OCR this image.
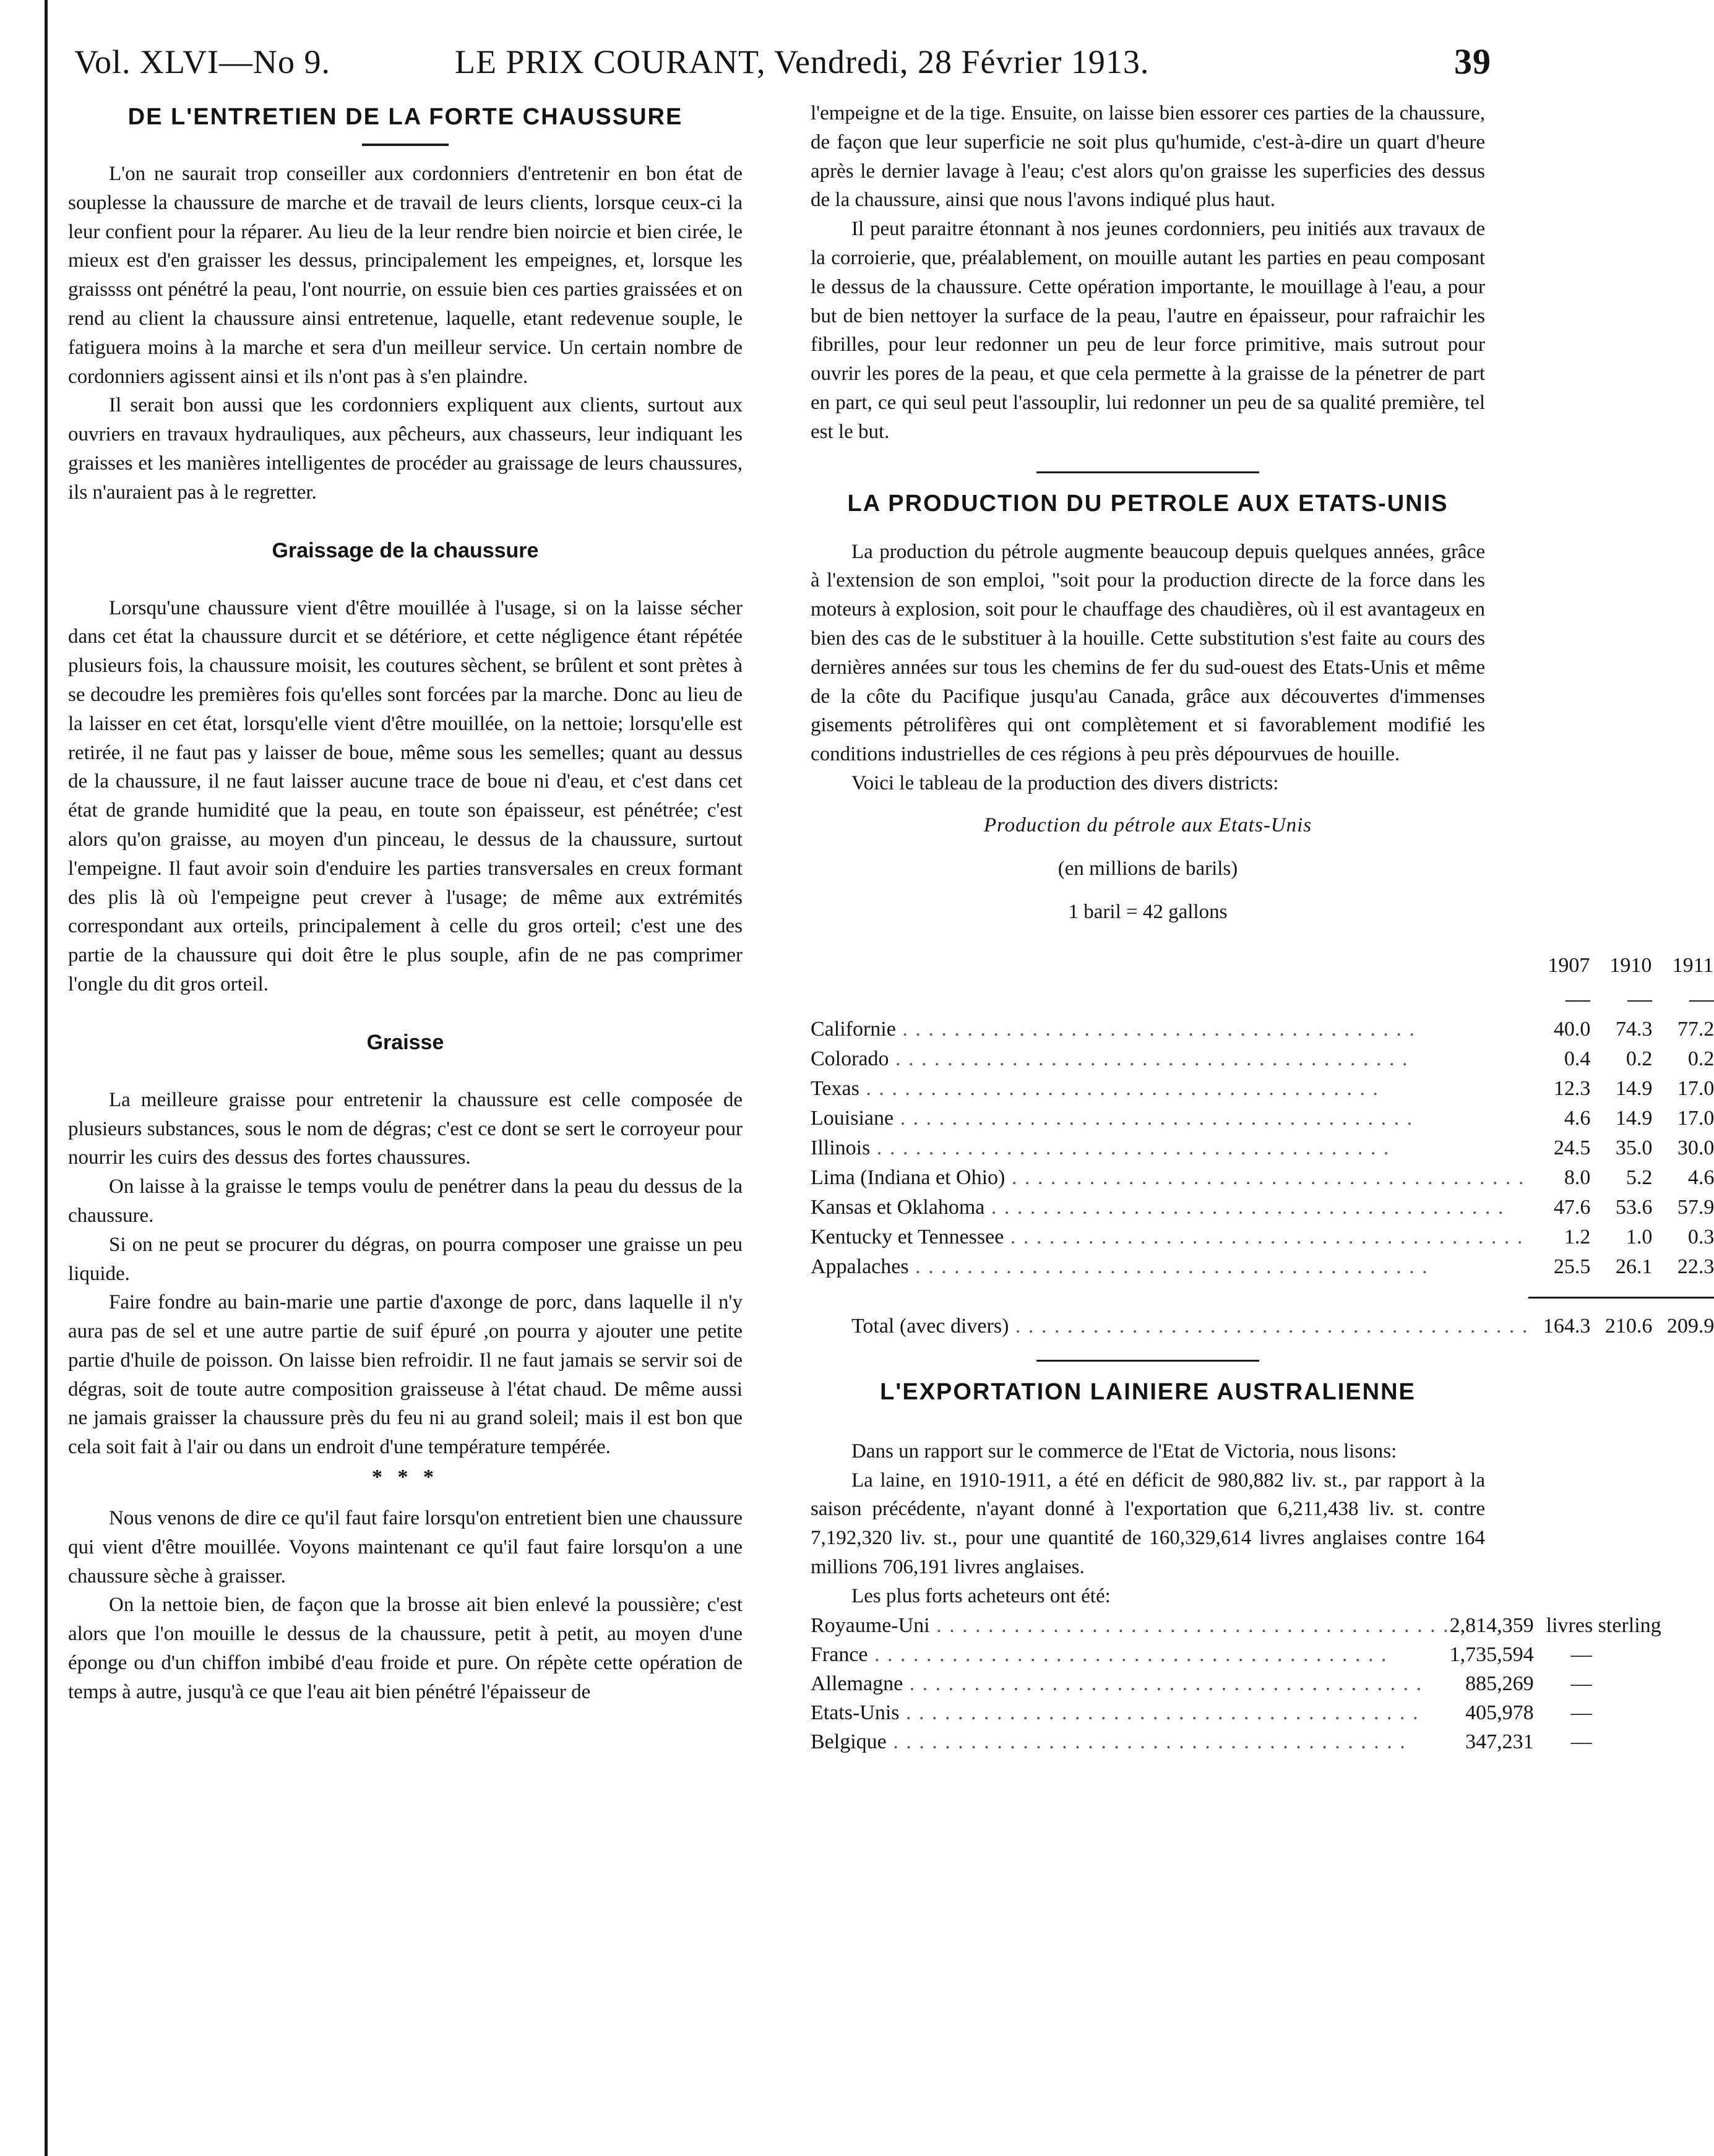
Vol. XLVI—No 9.	LE PRIX COURANT, Vendredi, 28 Février 1913.	39
DE L'ENTRETIEN DE LA FORTE CHAUSSURE

L'on ne saurait trop conseiller aux cordonniers d'entretenir en bon état de souplesse la chaussure de marche et de travail de leurs clients, lorsque ceux-ci la leur confient pour la réparer. Au lieu de la leur rendre bien noircie et bien cirée, le mieux est d'en graisser les dessus, principalement les empeignes, et, lorsque les graissss ont pénétré la peau, l'ont nourrie, on essuie bien ces parties graissées et on rend au client la chaussure ainsi entretenue, laquelle, etant redevenue souple, le fatiguera moins à la marche et sera d'un meilleur service. Un certain nombre de cordonniers agissent ainsi et ils n'ont pas à s'en plaindre.

Il serait bon aussi que les cordonniers expliquent aux clients, surtout aux ouvriers en travaux hydrauliques, aux pêcheurs, aux chasseurs, leur indiquant les graisses et les manières intelligentes de procéder au graissage de leurs chaussures, ils n'auraient pas à le regretter.

Graissage de la chaussure

Lorsqu'une chaussure vient d'être mouillée à l'usage, si on la laisse sécher dans cet état la chaussure durcit et se détériore, et cette négligence étant répétée plusieurs fois, la chaussure moisit, les coutures sèchent, se brûlent et sont prètes à se decoudre les premières fois qu'elles sont forcées par la marche. Donc au lieu de la laisser en cet état, lorsqu'elle vient d'être mouillée, on la nettoie; lorsqu'elle est retirée, il ne faut pas y laisser de boue, même sous les semelles; quant au dessus de la chaussure, il ne faut laisser aucune trace de boue ni d'eau, et c'est dans cet état de grande humidité que la peau, en toute son épaisseur, est pénétrée; c'est alors qu'on graisse, au moyen d'un pinceau, le dessus de la chaussure, surtout l'empeigne. Il faut avoir soin d'enduire les parties transversales en creux formant des plis là où l'empeigne peut crever à l'usage; de même aux extrémités correspondant aux orteils, principalement à celle du gros orteil; c'est une des partie de la chaussure qui doit être le plus souple, afin de ne pas comprimer l'ongle du dit gros orteil.

Graisse

La meilleure graisse pour entretenir la chaussure est celle composée de plusieurs substances, sous le nom de dégras; c'est ce dont se sert le corroyeur pour nourrir les cuirs des dessus des fortes chaussures.

On laisse à la graisse le temps voulu de penétrer dans la peau du dessus de la chaussure.

Si on ne peut se procurer du dégras, on pourra composer une graisse un peu liquide.

Faire fondre au bain-marie une partie d'axonge de porc, dans laquelle il n'y aura pas de sel et une autre partie de suif épuré ,on pourra y ajouter une petite partie d'huile de poisson. On laisse bien refroidir. Il ne faut jamais se servir soi de dégras, soit de toute autre composition graisseuse à l'état chaud. De même aussi ne jamais graisser la chaussure près du feu ni au grand soleil; mais il est bon que cela soit fait à l'air ou dans un endroit d'une température tempérée.

* * *

Nous venons de dire ce qu'il faut faire lorsqu'on entretient bien une chaussure qui vient d'être mouillée. Voyons maintenant ce qu'il faut faire lorsqu'on a une chaussure sèche à graisser.

On la nettoie bien, de façon que la brosse ait bien enlevé la poussière; c'est alors que l'on mouille le dessus de la chaussure, petit à petit, au moyen d'une éponge ou d'un chiffon imbibé d'eau froide et pure. On répète cette opération de temps à autre, jusqu'à ce que l'eau ait bien pénétré l'épaisseur de

l'empeigne et de la tige. Ensuite, on laisse bien essorer ces parties de la chaussure, de façon que leur superficie ne soit plus qu'humide, c'est-à-dire un quart d'heure après le dernier lavage à l'eau; c'est alors qu'on graisse les superficies des dessus de la chaussure, ainsi que nous l'avons indiqué plus haut.

Il peut paraitre étonnant à nos jeunes cordonniers, peu initiés aux travaux de la corroierie, que, préalablement, on mouille autant les parties en peau composant le dessus de la chaussure. Cette opération importante, le mouillage à l'eau, a pour but de bien nettoyer la surface de la peau, l'autre en épaisseur, pour rafraichir les fibrilles, pour leur redonner un peu de leur force primitive, mais sutrout pour ouvrir les pores de la peau, et que cela permette à la graisse de la pénetrer de part en part, ce qui seul peut l'assouplir, lui redonner un peu de sa qualité première, tel est le but.

LA PRODUCTION DU PETROLE AUX ETATS-UNIS

La production du pétrole augmente beaucoup depuis quelques années, grâce à l'extension de son emploi, "soit pour la production directe de la force dans les moteurs à explosion, soit pour le chauffage des chaudières, où il est avantageux en bien des cas de le substituer à la houille. Cette substitution s'est faite au cours des dernières années sur tous les chemins de fer du sud-ouest des Etats-Unis et même de la côte du Pacifique jusqu'au Canada, grâce aux découvertes d'immenses gisements pétrolifères qui ont complètement et si favorablement modifié les conditions industrielles de ces régions à peu près dépourvues de houille.

Voici le tableau de la production des divers districts:

Production du pétrole aux Etats-Unis
(en millions de barils)
1 baril = 42 gallons
	1907	1910	1911

Californie . . . . . . . . . . . . . . . . . . . . . . . . . . . . . . . . . . . . . . . .	40.0	74.3	77.2
Colorado . . . . . . . . . . . . . . . . . . . . . . . . . . . . . . . . . . . . . . . .	0.4	0.2	0.2
Texas . . . . . . . . . . . . . . . . . . . . . . . . . . . . . . . . . . . . . . . .	12.3	14.9	17.0
Louisiane . . . . . . . . . . . . . . . . . . . . . . . . . . . . . . . . . . . . . . . .	4.6	14.9	17.0
Illinois . . . . . . . . . . . . . . . . . . . . . . . . . . . . . . . . . . . . . . . .	24.5	35.0	30.0
Lima (Indiana et Ohio) . . . . . . . . . . . . . . . . . . . . . . . . . . . . . . . . . . . . . . . .	8.0	5.2	4.6
Kansas et Oklahoma . . . . . . . . . . . . . . . . . . . . . . . . . . . . . . . . . . . . . . . .	47.6	53.6	57.9
Kentucky et Tennessee . . . . . . . . . . . . . . . . . . . . . . . . . . . . . . . . . . . . . . . .	1.2	1.0	0.3
Appalaches . . . . . . . . . . . . . . . . . . . . . . . . . . . . . . . . . . . . . . . .	25.5	26.1	22.3

Total (avec divers) . . . . . . . . . . . . . . . . . . . . . . . . . . . . . . . . . . . . . . . .	164.3	210.6	209.9
L'EXPORTATION LAINIERE AUSTRALIENNE

Dans un rapport sur le commerce de l'Etat de Victoria, nous lisons:

La laine, en 1910-1911, a été en déficit de 980,882 liv. st., par rapport à la saison précédente, n'ayant donné à l'exportation que 6,211,438 liv. st. contre 7,192,320 liv. st., pour une quantité de 160,329,614 livres anglaises contre 164 millions 706,191 livres anglaises.

Les plus forts acheteurs ont été:

Royaume-Uni . . . . . . . . . . . . . . . . . . . . . . . . . . . . . . . . . . . . . . . .	2,814,359	livres sterling
France . . . . . . . . . . . . . . . . . . . . . . . . . . . . . . . . . . . . . . . .	1,735,594	—
Allemagne . . . . . . . . . . . . . . . . . . . . . . . . . . . . . . . . . . . . . . . .	885,269	—
Etats-Unis . . . . . . . . . . . . . . . . . . . . . . . . . . . . . . . . . . . . . . . .	405,978	—
Belgique . . . . . . . . . . . . . . . . . . . . . . . . . . . . . . . . . . . . . . . .	347,231	—
